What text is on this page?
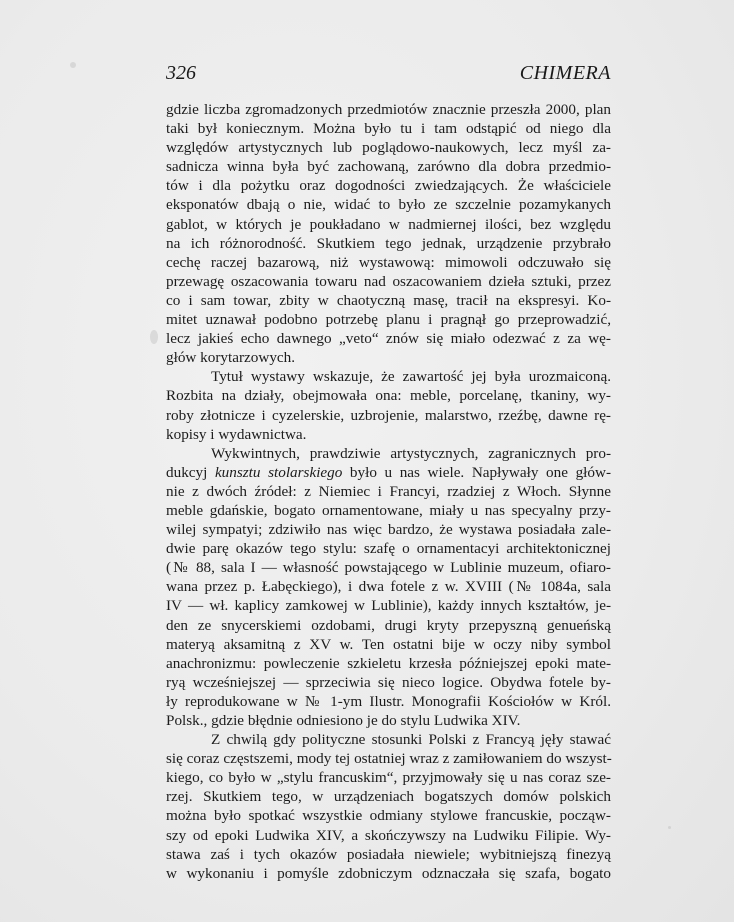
326	CHIMERA
gdzie liczba zgromadzonych przedmiotów znacznie przeszła 2000, plan
taki był koniecznym. Można było tu i tam odstąpić od niego dla
względów artystycznych lub poglądowo-naukowych, lecz myśl za-
sadnicza winna była być zachowaną, zarówno dla dobra przedmio-
tów i dla pożytku oraz dogodności zwiedzających. Że właściciele
eksponatów dbają o nie, widać to było ze szczelnie pozamykanych
gablot, w których je poukładano w nadmiernej ilości, bez względu
na ich różnorodność. Skutkiem tego jednak, urządzenie przybrało
cechę raczej bazarową, niż wystawową: mimowoli odczuwało się
przewagę oszacowania towaru nad oszacowaniem dzieła sztuki, przez
co i sam towar, zbity w chaotyczną masę, tracił na ekspresyi. Ko-
mitet uznawał podobno potrzebę planu i pragnął go przeprowadzić,
lecz jakieś echo dawnego „veto“ znów się miało odezwać z za wę-
głów korytarzowych.
Tytuł wystawy wskazuje, że zawartość jej była urozmaiconą.
Rozbita na działy, obejmowała ona: meble, porcelanę, tkaniny, wy-
roby złotnicze i cyzelerskie, uzbrojenie, malarstwo, rzeźbę, dawne rę-
kopisy i wydawnictwa.
Wykwintnych, prawdziwie artystycznych, zagranicznych pro-
dukcyj kunsztu stolarskiego było u nas wiele. Napływały one głów-
nie z dwóch źródeł: z Niemiec i Francyi, rzadziej z Włoch. Słynne
meble gdańskie, bogato ornamentowane, miały u nas specyalny przy-
wilej sympatyi; zdziwiło nas więc bardzo, że wystawa posiadała zale-
dwie parę okazów tego stylu: szafę o ornamentacyi architektonicznej
(№ 88, sala I — własność powstającego w Lublinie muzeum, ofiaro-
wana przez p. Łabęckiego), i dwa fotele z w. XVIII (№ 1084a, sala
IV — wł. kaplicy zamkowej w Lublinie), każdy innych kształtów, je-
den ze snycerskiemi ozdobami, drugi kryty przepyszną genueńską
materyą aksamitną z XV w. Ten ostatni bije w oczy niby symbol
anachronizmu: powleczenie szkieletu krzesła późniejszej epoki mate-
ryą wcześniejszej — sprzeciwia się nieco logice. Obydwa fotele by-
ły reprodukowane w № 1-ym Ilustr. Monografii Kościołów w Król.
Polsk., gdzie błędnie odniesiono je do stylu Ludwika XIV.
Z chwilą gdy polityczne stosunki Polski z Francyą jęły stawać
się coraz częstszemi, mody tej ostatniej wraz z zamiłowaniem do wszyst-
kiego, co było w „stylu francuskim“, przyjmowały się u nas coraz sze-
rzej. Skutkiem tego, w urządzeniach bogatszych domów polskich
można było spotkać wszystkie odmiany stylowe francuskie, począw-
szy od epoki Ludwika XIV, a skończywszy na Ludwiku Filipie. Wy-
stawa zaś i tych okazów posiadała niewiele; wybitniejszą finezyą
w wykonaniu i pomyśle zdobniczym odznaczała się szafa, bogato
